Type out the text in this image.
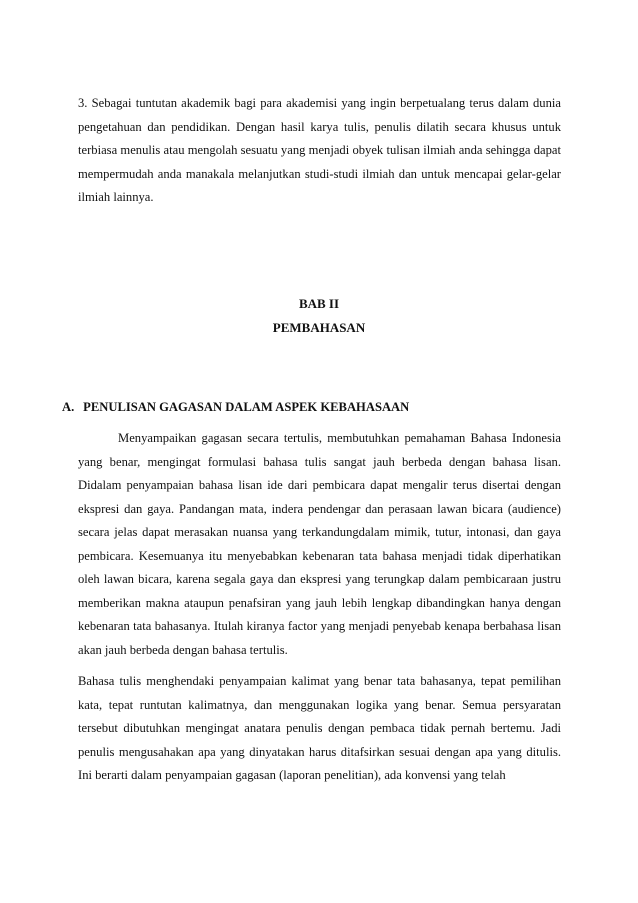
3. Sebagai tuntutan akademik bagi para akademisi yang ingin berpetualang terus dalam dunia pengetahuan dan pendidikan. Dengan hasil karya tulis, penulis dilatih secara khusus untuk terbiasa menulis atau mengolah sesuatu yang menjadi obyek tulisan ilmiah anda sehingga dapat mempermudah anda manakala melanjutkan studi-studi ilmiah dan untuk mencapai gelar-gelar ilmiah lainnya.

BAB II
PEMBAHASAN
A. PENULISAN GAGASAN DALAM ASPEK KEBAHASAAN

Menyampaikan gagasan secara tertulis, membutuhkan pemahaman Bahasa Indonesia yang benar, mengingat formulasi bahasa tulis sangat jauh berbeda dengan bahasa lisan. Didalam penyampaian bahasa lisan ide dari pembicara dapat mengalir terus disertai dengan ekspresi dan gaya. Pandangan mata, indera pendengar dan perasaan lawan bicara (audience) secara jelas dapat merasakan nuansa yang terkandungdalam mimik, tutur, intonasi, dan gaya pembicara. Kesemuanya itu menyebabkan kebenaran tata bahasa menjadi tidak diperhatikan oleh lawan bicara, karena segala gaya dan ekspresi yang terungkap dalam pembicaraan justru memberikan makna ataupun penafsiran yang jauh lebih lengkap dibandingkan hanya dengan kebenaran tata bahasanya. Itulah kiranya factor yang menjadi penyebab kenapa berbahasa lisan akan jauh berbeda dengan bahasa tertulis.

Bahasa tulis menghendaki penyampaian kalimat yang benar tata bahasanya, tepat pemilihan kata, tepat runtutan kalimatnya, dan menggunakan logika yang benar. Semua persyaratan tersebut dibutuhkan mengingat anatara penulis dengan pembaca tidak pernah bertemu. Jadi penulis mengusahakan apa yang dinyatakan harus ditafsirkan sesuai dengan apa yang ditulis. Ini berarti dalam penyampaian gagasan (laporan penelitian), ada konvensi yang telah
